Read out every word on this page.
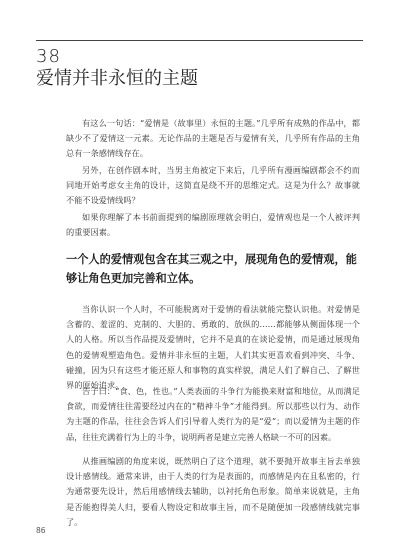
38
爱情并非永恒的主题

有这么一句话：“爱情是（故事里）永恒的主题。”几乎所有成熟的作品中，都缺少不了爱情这一元素。无论作品的主题是否与爱情有关，几乎所有作品的主角总有一条感情线存在。

另外，在创作剧本时，当男主角被定下来后，几乎所有漫画编剧都会不约而同地开始考虑女主角的设计，这简直是绕不开的思维定式。这是为什么？故事就不能不设爱情线吗？

如果你理解了本书前面提到的编剧原理就会明白，爱情观也是一个人被评判的重要因素。

一个人的爱情观包含在其三观之中，展现角色的爱情观，能够让角色更加完善和立体。

当你认识一个人时，不可能脱离对于爱情的看法就能完整认识他。对爱情是含蓄的、羞涩的、克制的、大胆的、勇敢的、放纵的……都能够从侧面体现一个人的人格。所以当作品提及爱情时，它并不是真的在谈论爱情，而是通过展现角色的爱情观塑造角色。爱情并非永恒的主题，人们其实更喜欢看到冲突、斗争、碰撞，因为只有这些才能还原人和事物的真实样貌，满足人们了解自己、了解世界的原始追求。

告子曰：“食、色，性也。”人类表面的斗争行为能换来财富和地位，从而满足食欲，而爱情往往需要经过内在的“精神斗争”才能得到。所以那些以行为、动作为主题的作品，往往会告诉人们引导着人类行为的是“爱”；而以爱情为主题的作品，往往充满着行为上的斗争，说明两者是建立完善人格缺一不可的因素。

从推画编剧的角度来说，既然明白了这个道理，就不要抛开故事主旨去单独设计感情线。通常来讲，由于人类的行为是表面的，而感情是内在且私密的，行为通常要先设计，然后用感情线去辅助，以衬托角色形象。简单来说就是，主角是否能抱得美人归，要看人物设定和故事主旨，而不是随便加一段感情线就完事了。

86
